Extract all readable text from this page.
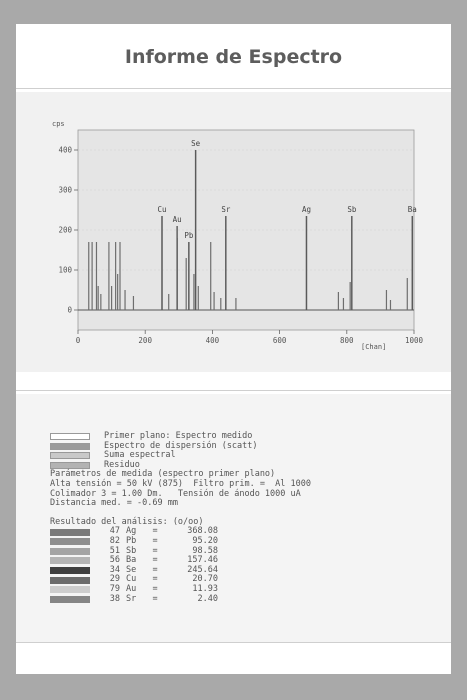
Informe de Espectro
cps
[Chan]
0
100
200
300
400
0	200	400	600	800	1000
Cu
Au
Pb
Se
Sr	Ag	Sb	Ba
Primer plano: Espectro medido
Espectro de dispersión (scatt)
Suma espectral
Residuo
Parámetros de medida (espectro primer plano)
Alta tensión = 50 kV (875)  Filtro prim. =  Al 1000
Colimador 3 = 1.00 Dm.   Tensión de ánodo 1000 uA
Distancia med. = -0.69 mm
Resultado del análisis: (o/oo)
47 Ag	=	368.08
82 Pb	=	95.20
51 Sb	=	98.58
56 Ba	=	157.46
34 Se	=	245.64
29 Cu	=	20.70
79 Au	=	11.93
38 Sr	=	2.40
